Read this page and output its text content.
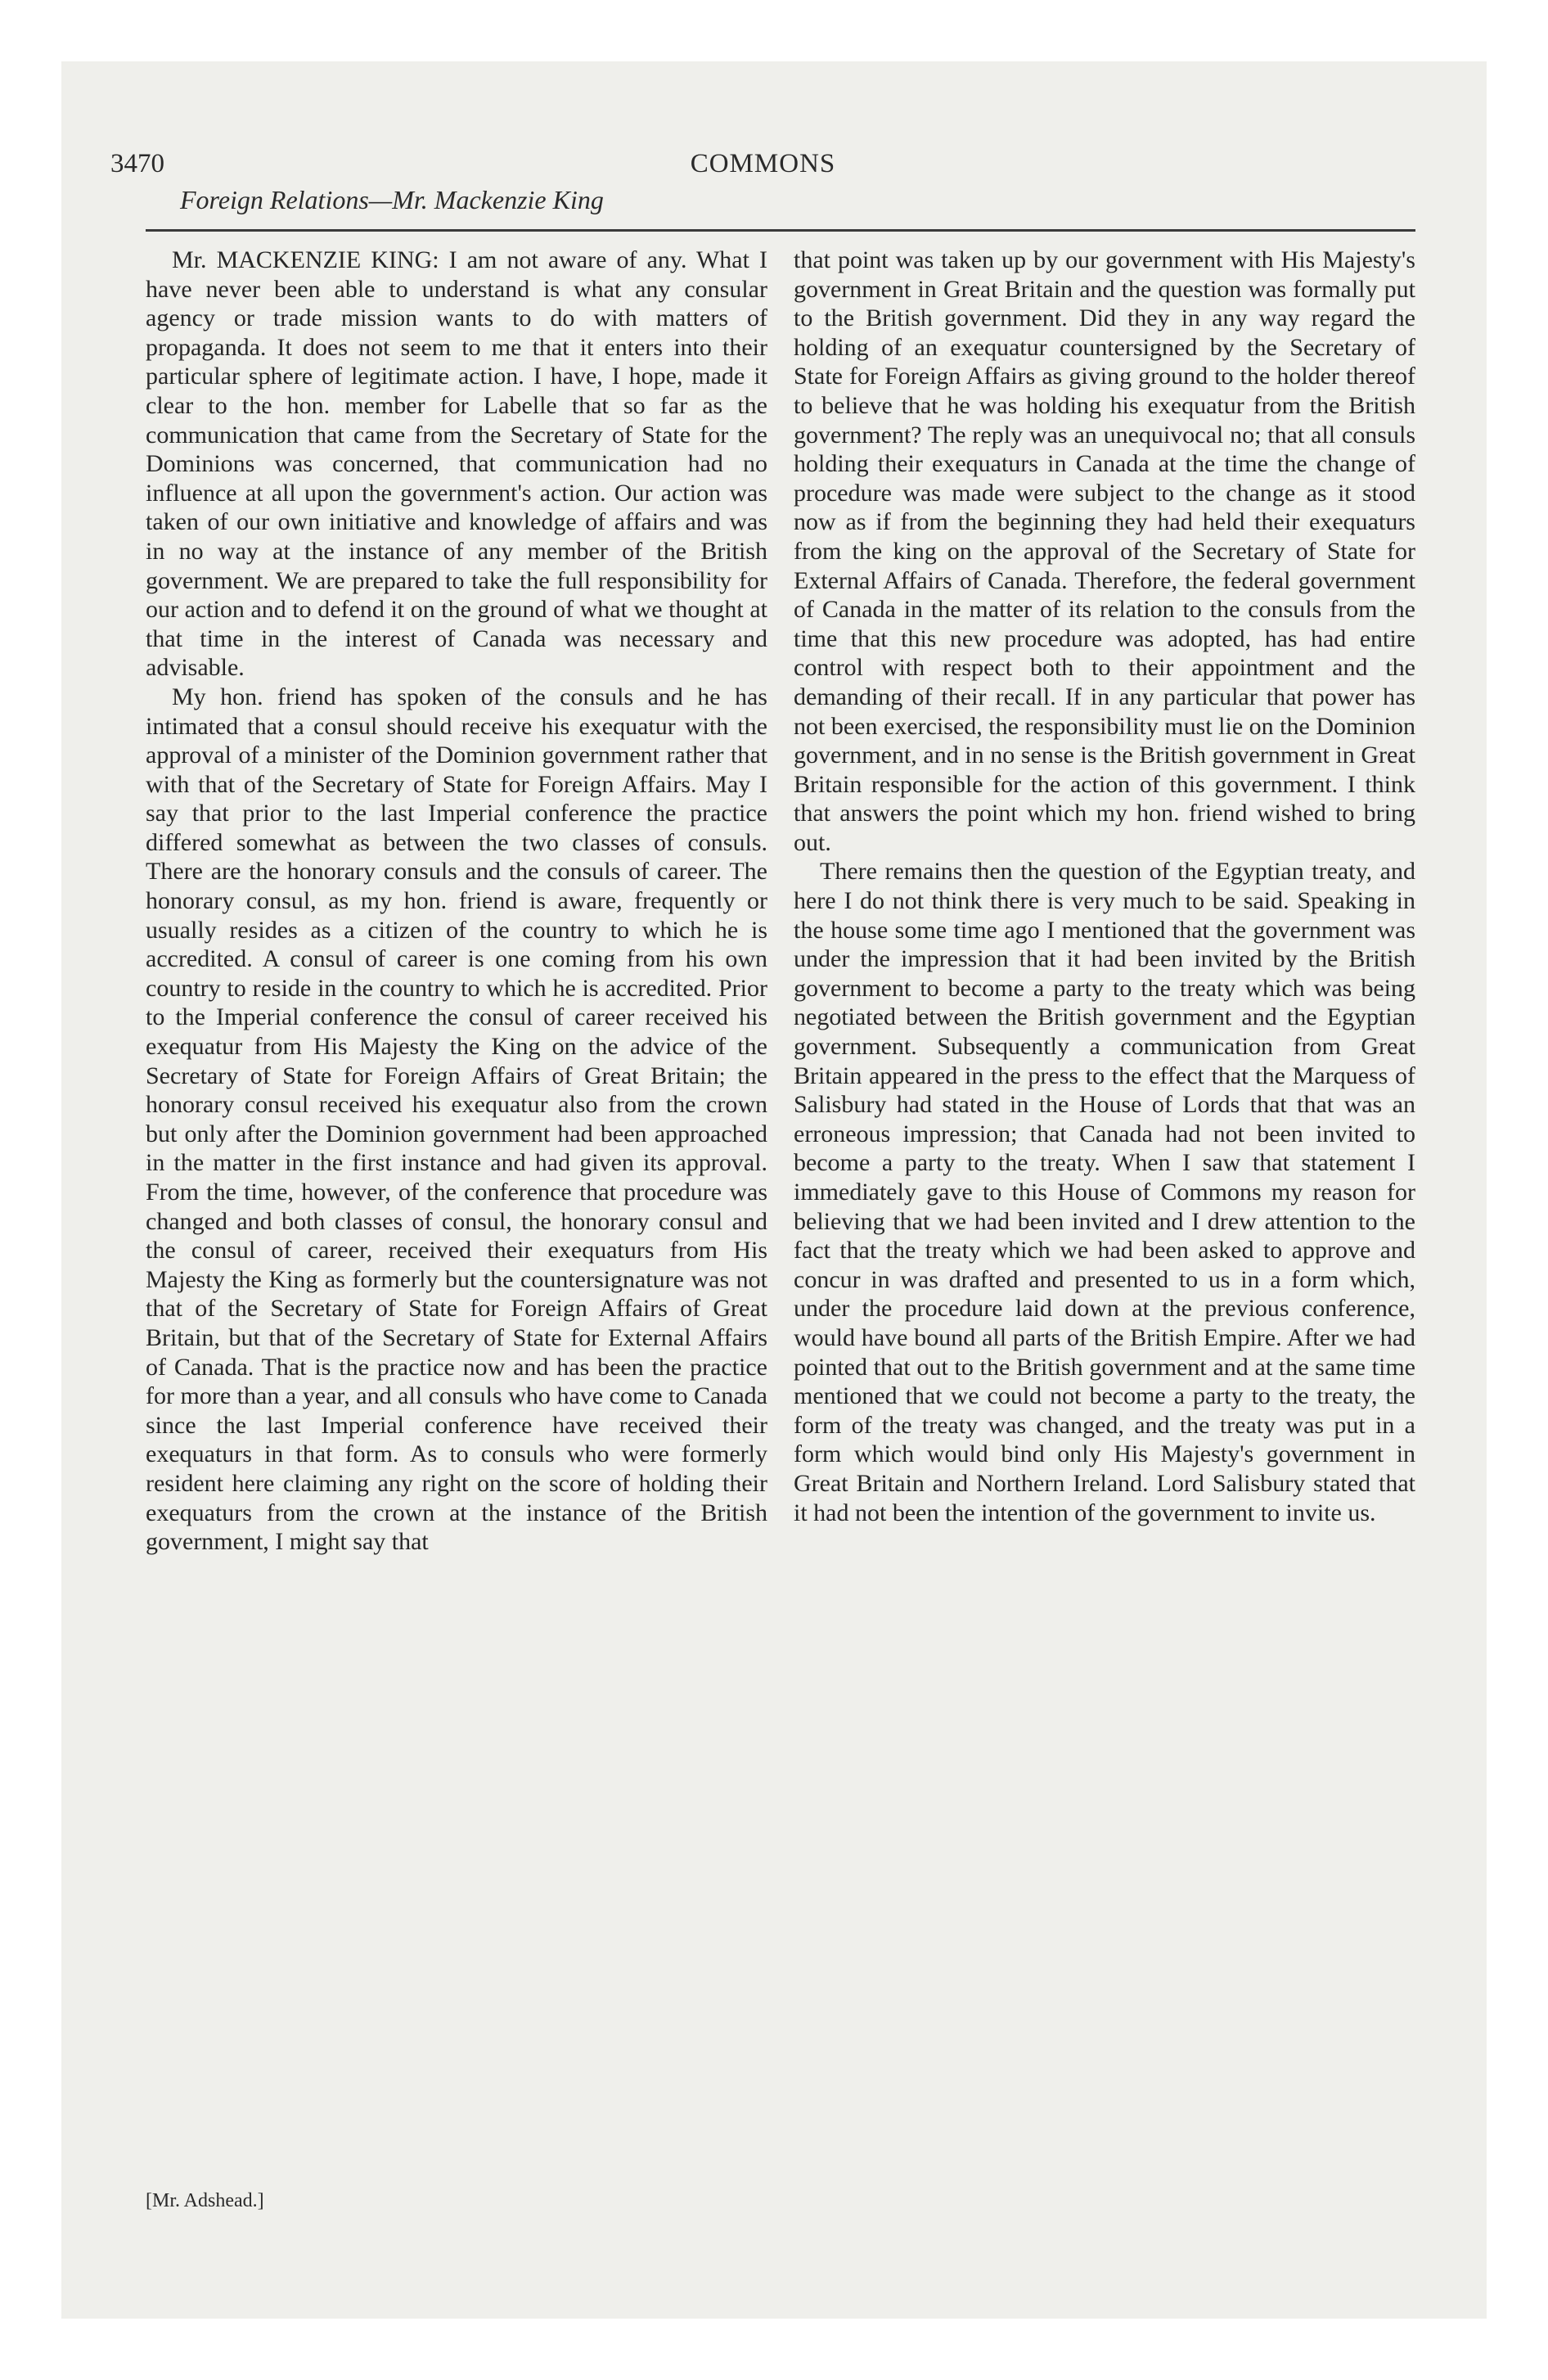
3470	COMMONS
Foreign Relations—Mr. Mackenzie King

Mr. MACKENZIE KING: I am not aware of any. What I have never been able to understand is what any consular agency or trade mission wants to do with matters of propaganda. It does not seem to me that it enters into their particular sphere of legitimate action. I have, I hope, made it clear to the hon. member for Labelle that so far as the communication that came from the Secretary of State for the Dominions was concerned, that communication had no influence at all upon the government's action. Our action was taken of our own initiative and knowledge of affairs and was in no way at the instance of any member of the British government. We are prepared to take the full responsibility for our action and to defend it on the ground of what we thought at that time in the interest of Canada was necessary and advisable.

My hon. friend has spoken of the consuls and he has intimated that a consul should receive his exequatur with the approval of a minister of the Dominion government rather that with that of the Secretary of State for Foreign Affairs. May I say that prior to the last Imperial conference the practice differed somewhat as between the two classes of consuls. There are the honorary consuls and the consuls of career. The honorary consul, as my hon. friend is aware, frequently or usually resides as a citizen of the country to which he is accredited. A consul of career is one coming from his own country to reside in the country to which he is accredited. Prior to the Imperial conference the consul of career received his exequatur from His Majesty the King on the advice of the Secretary of State for Foreign Affairs of Great Britain; the honorary consul received his exequatur also from the crown but only after the Dominion government had been approached in the matter in the first instance and had given its approval. From the time, however, of the conference that procedure was changed and both classes of consul, the honorary consul and the consul of career, received their exequaturs from His Majesty the King as formerly but the countersignature was not that of the Secretary of State for Foreign Affairs of Great Britain, but that of the Secretary of State for External Affairs of Canada. That is the practice now and has been the practice for more than a year, and all consuls who have come to Canada since the last Imperial conference have received their exequaturs in that form. As to consuls who were formerly resident here claiming any right on the score of holding their exequaturs from the crown at the instance of the British government, I might say that

that point was taken up by our government with His Majesty's government in Great Britain and the question was formally put to the British government. Did they in any way regard the holding of an exequatur countersigned by the Secretary of State for Foreign Affairs as giving ground to the holder thereof to believe that he was holding his exequatur from the British government? The reply was an unequivocal no; that all consuls holding their exequaturs in Canada at the time the change of procedure was made were subject to the change as it stood now as if from the beginning they had held their exequaturs from the king on the approval of the Secretary of State for External Affairs of Canada. Therefore, the federal government of Canada in the matter of its relation to the consuls from the time that this new procedure was adopted, has had entire control with respect both to their appointment and the demanding of their recall. If in any particular that power has not been exercised, the responsibility must lie on the Dominion government, and in no sense is the British government in Great Britain responsible for the action of this government. I think that answers the point which my hon. friend wished to bring out.

There remains then the question of the Egyptian treaty, and here I do not think there is very much to be said. Speaking in the house some time ago I mentioned that the government was under the impression that it had been invited by the British government to become a party to the treaty which was being negotiated between the British government and the Egyptian government. Subsequently a communication from Great Britain appeared in the press to the effect that the Marquess of Salisbury had stated in the House of Lords that that was an erroneous impression; that Canada had not been invited to become a party to the treaty. When I saw that statement I immediately gave to this House of Commons my reason for believing that we had been invited and I drew attention to the fact that the treaty which we had been asked to approve and concur in was drafted and presented to us in a form which, under the procedure laid down at the previous conference, would have bound all parts of the British Empire. After we had pointed that out to the British government and at the same time mentioned that we could not become a party to the treaty, the form of the treaty was changed, and the treaty was put in a form which would bind only His Majesty's government in Great Britain and Northern Ireland. Lord Salisbury stated that it had not been the intention of the government to invite us.

[Mr. Adshead.]
